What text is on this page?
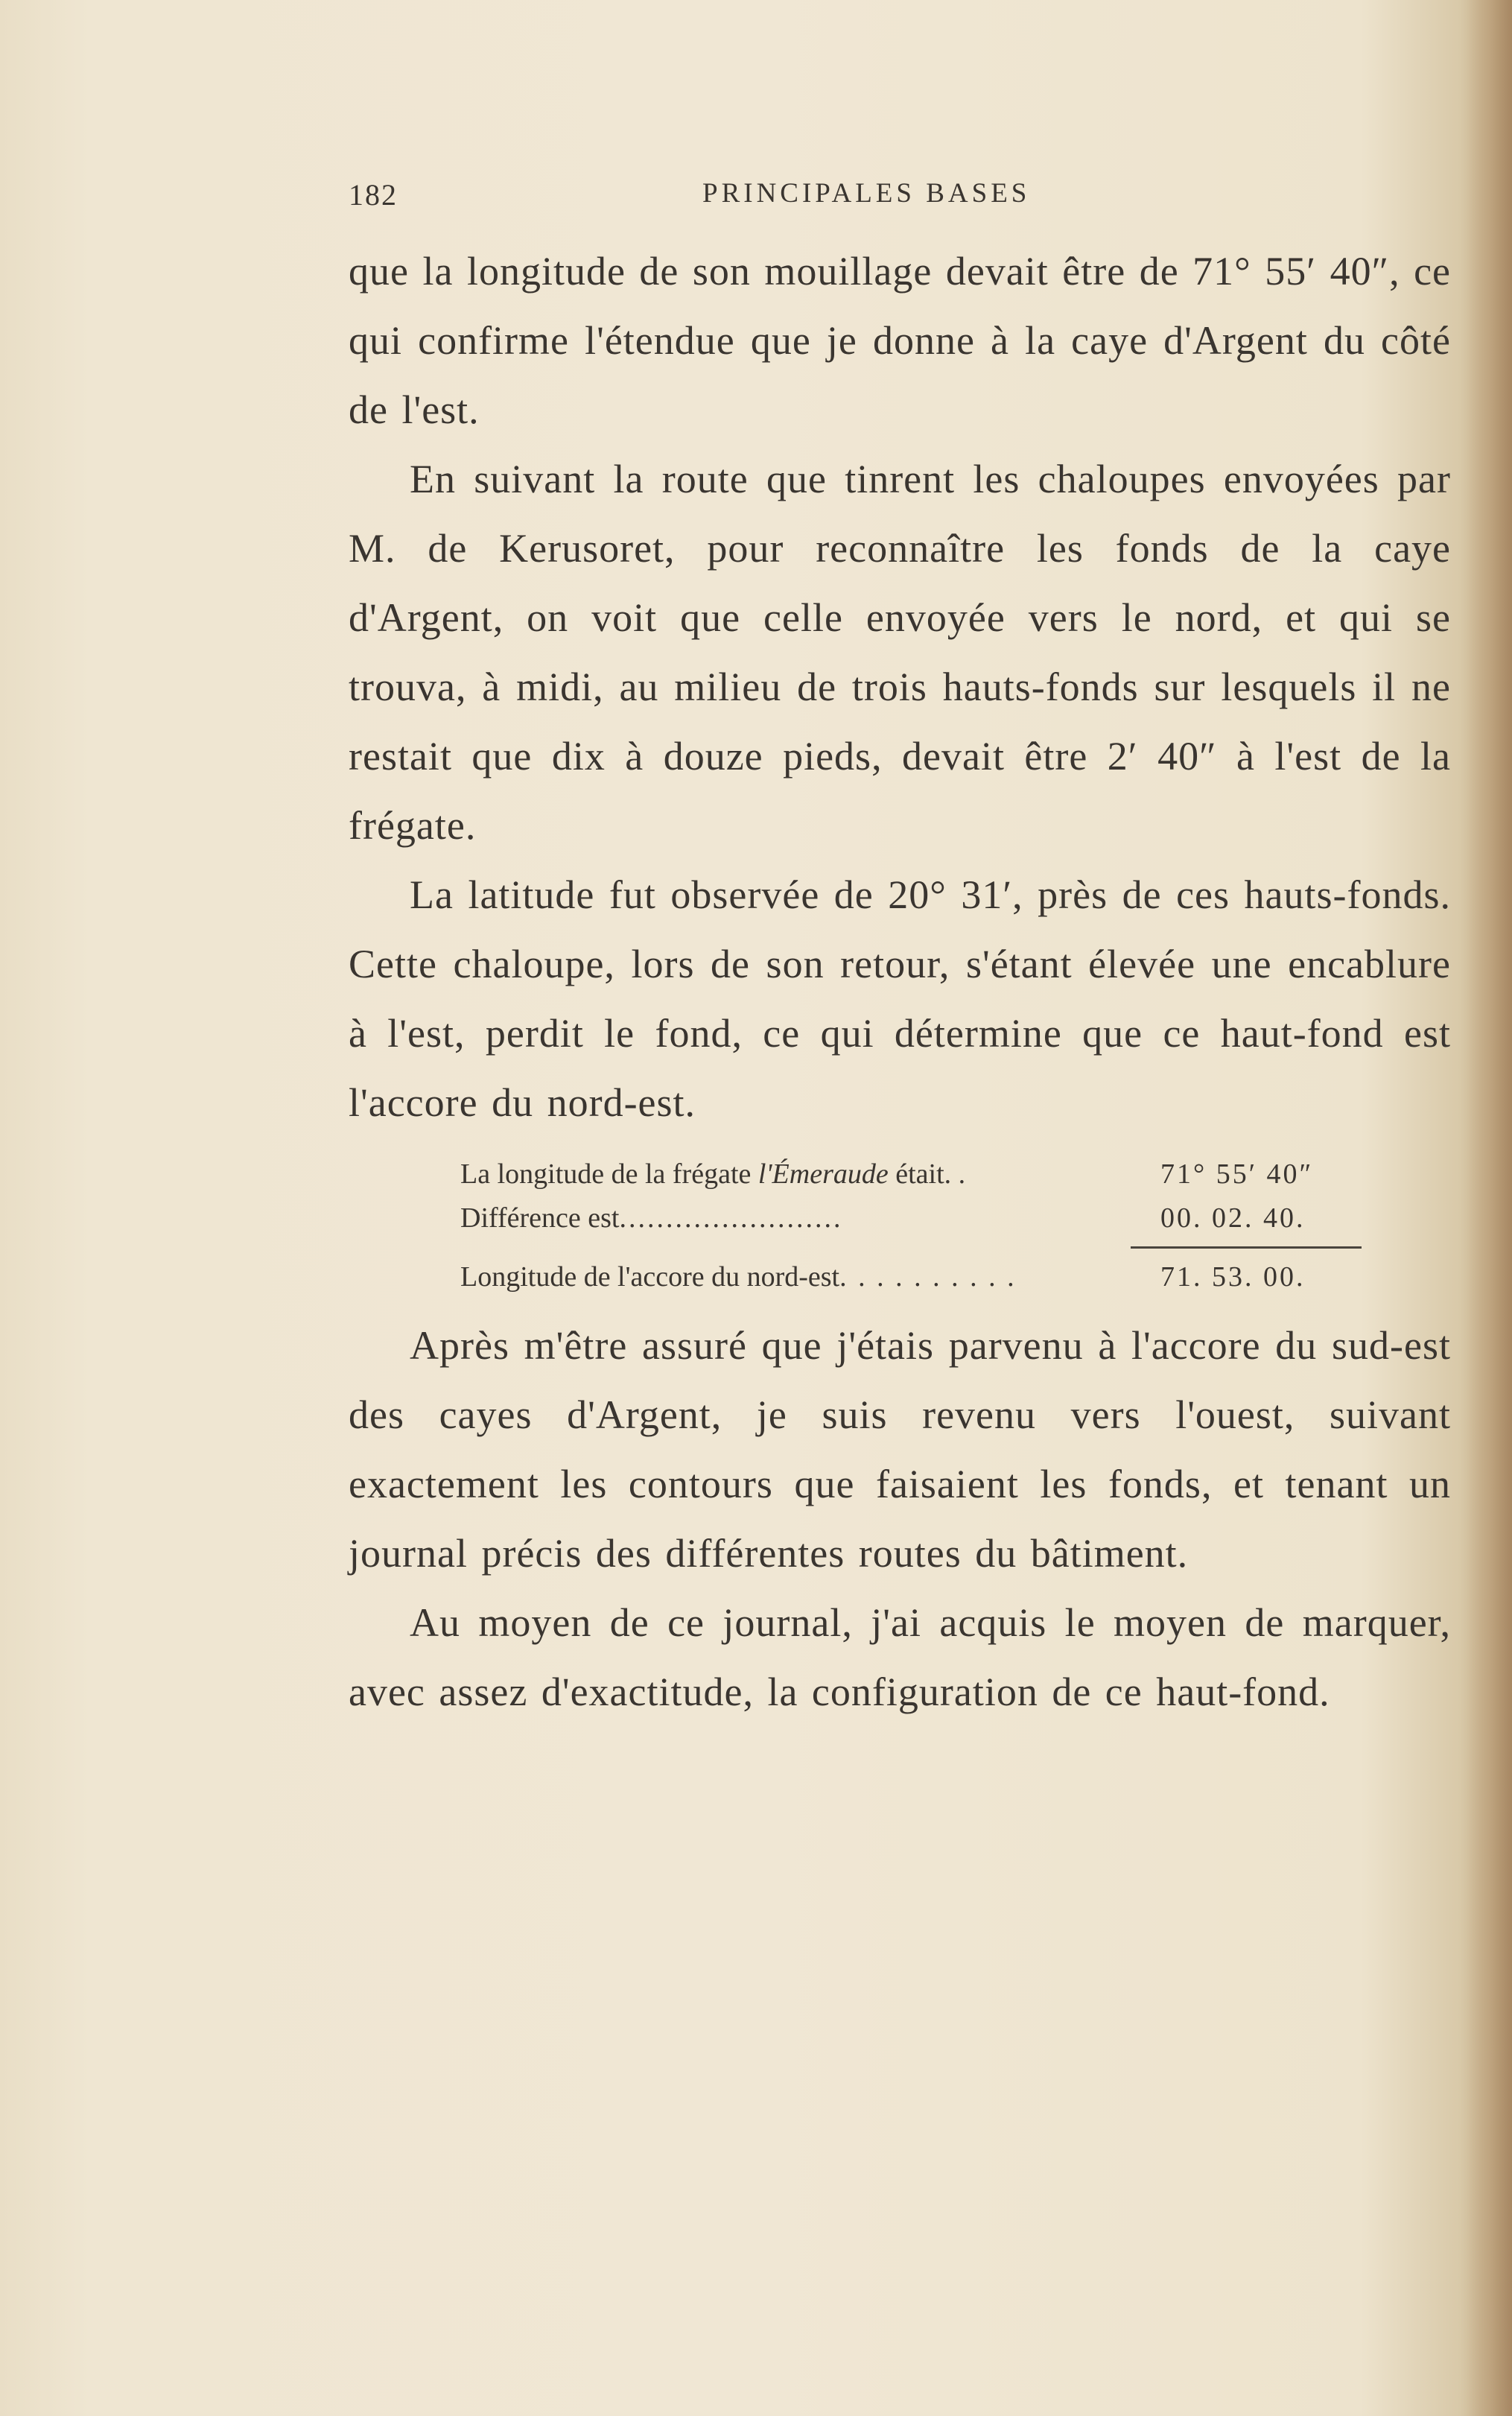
182	PRINCIPALES BASES

que la longitude de son mouillage devait être de 71° 55′ 40″, ce qui confirme l'étendue que je donne à la caye d'Argent du côté de l'est.

En suivant la route que tinrent les chaloupes envoyées par M. de Kerusoret, pour reconnaître les fonds de la caye d'Argent, on voit que celle envoyée vers le nord, et qui se trouva, à midi, au milieu de trois hauts-fonds sur lesquels il ne restait que dix à douze pieds, devait être 2′ 40″ à l'est de la frégate.

La latitude fut observée de 20° 31′, près de ces hauts-fonds. Cette chaloupe, lors de son retour, s'étant élevée une encablure à l'est, perdit le fond, ce qui détermine que ce haut-fond est l'accore du nord-est.

La longitude de la frégate l'Émeraude était. .	71° 55′ 40″
Différence est........................	00. 02. 40.
Longitude de l'accore du nord-est. . . . . . . . . .	71. 53. 00.

Après m'être assuré que j'étais parvenu à l'accore du sud-est des cayes d'Argent, je suis revenu vers l'ouest, suivant exactement les contours que faisaient les fonds, et tenant un journal précis des différentes routes du bâtiment.

Au moyen de ce journal, j'ai acquis le moyen de marquer, avec assez d'exactitude, la configuration de ce haut-fond.
